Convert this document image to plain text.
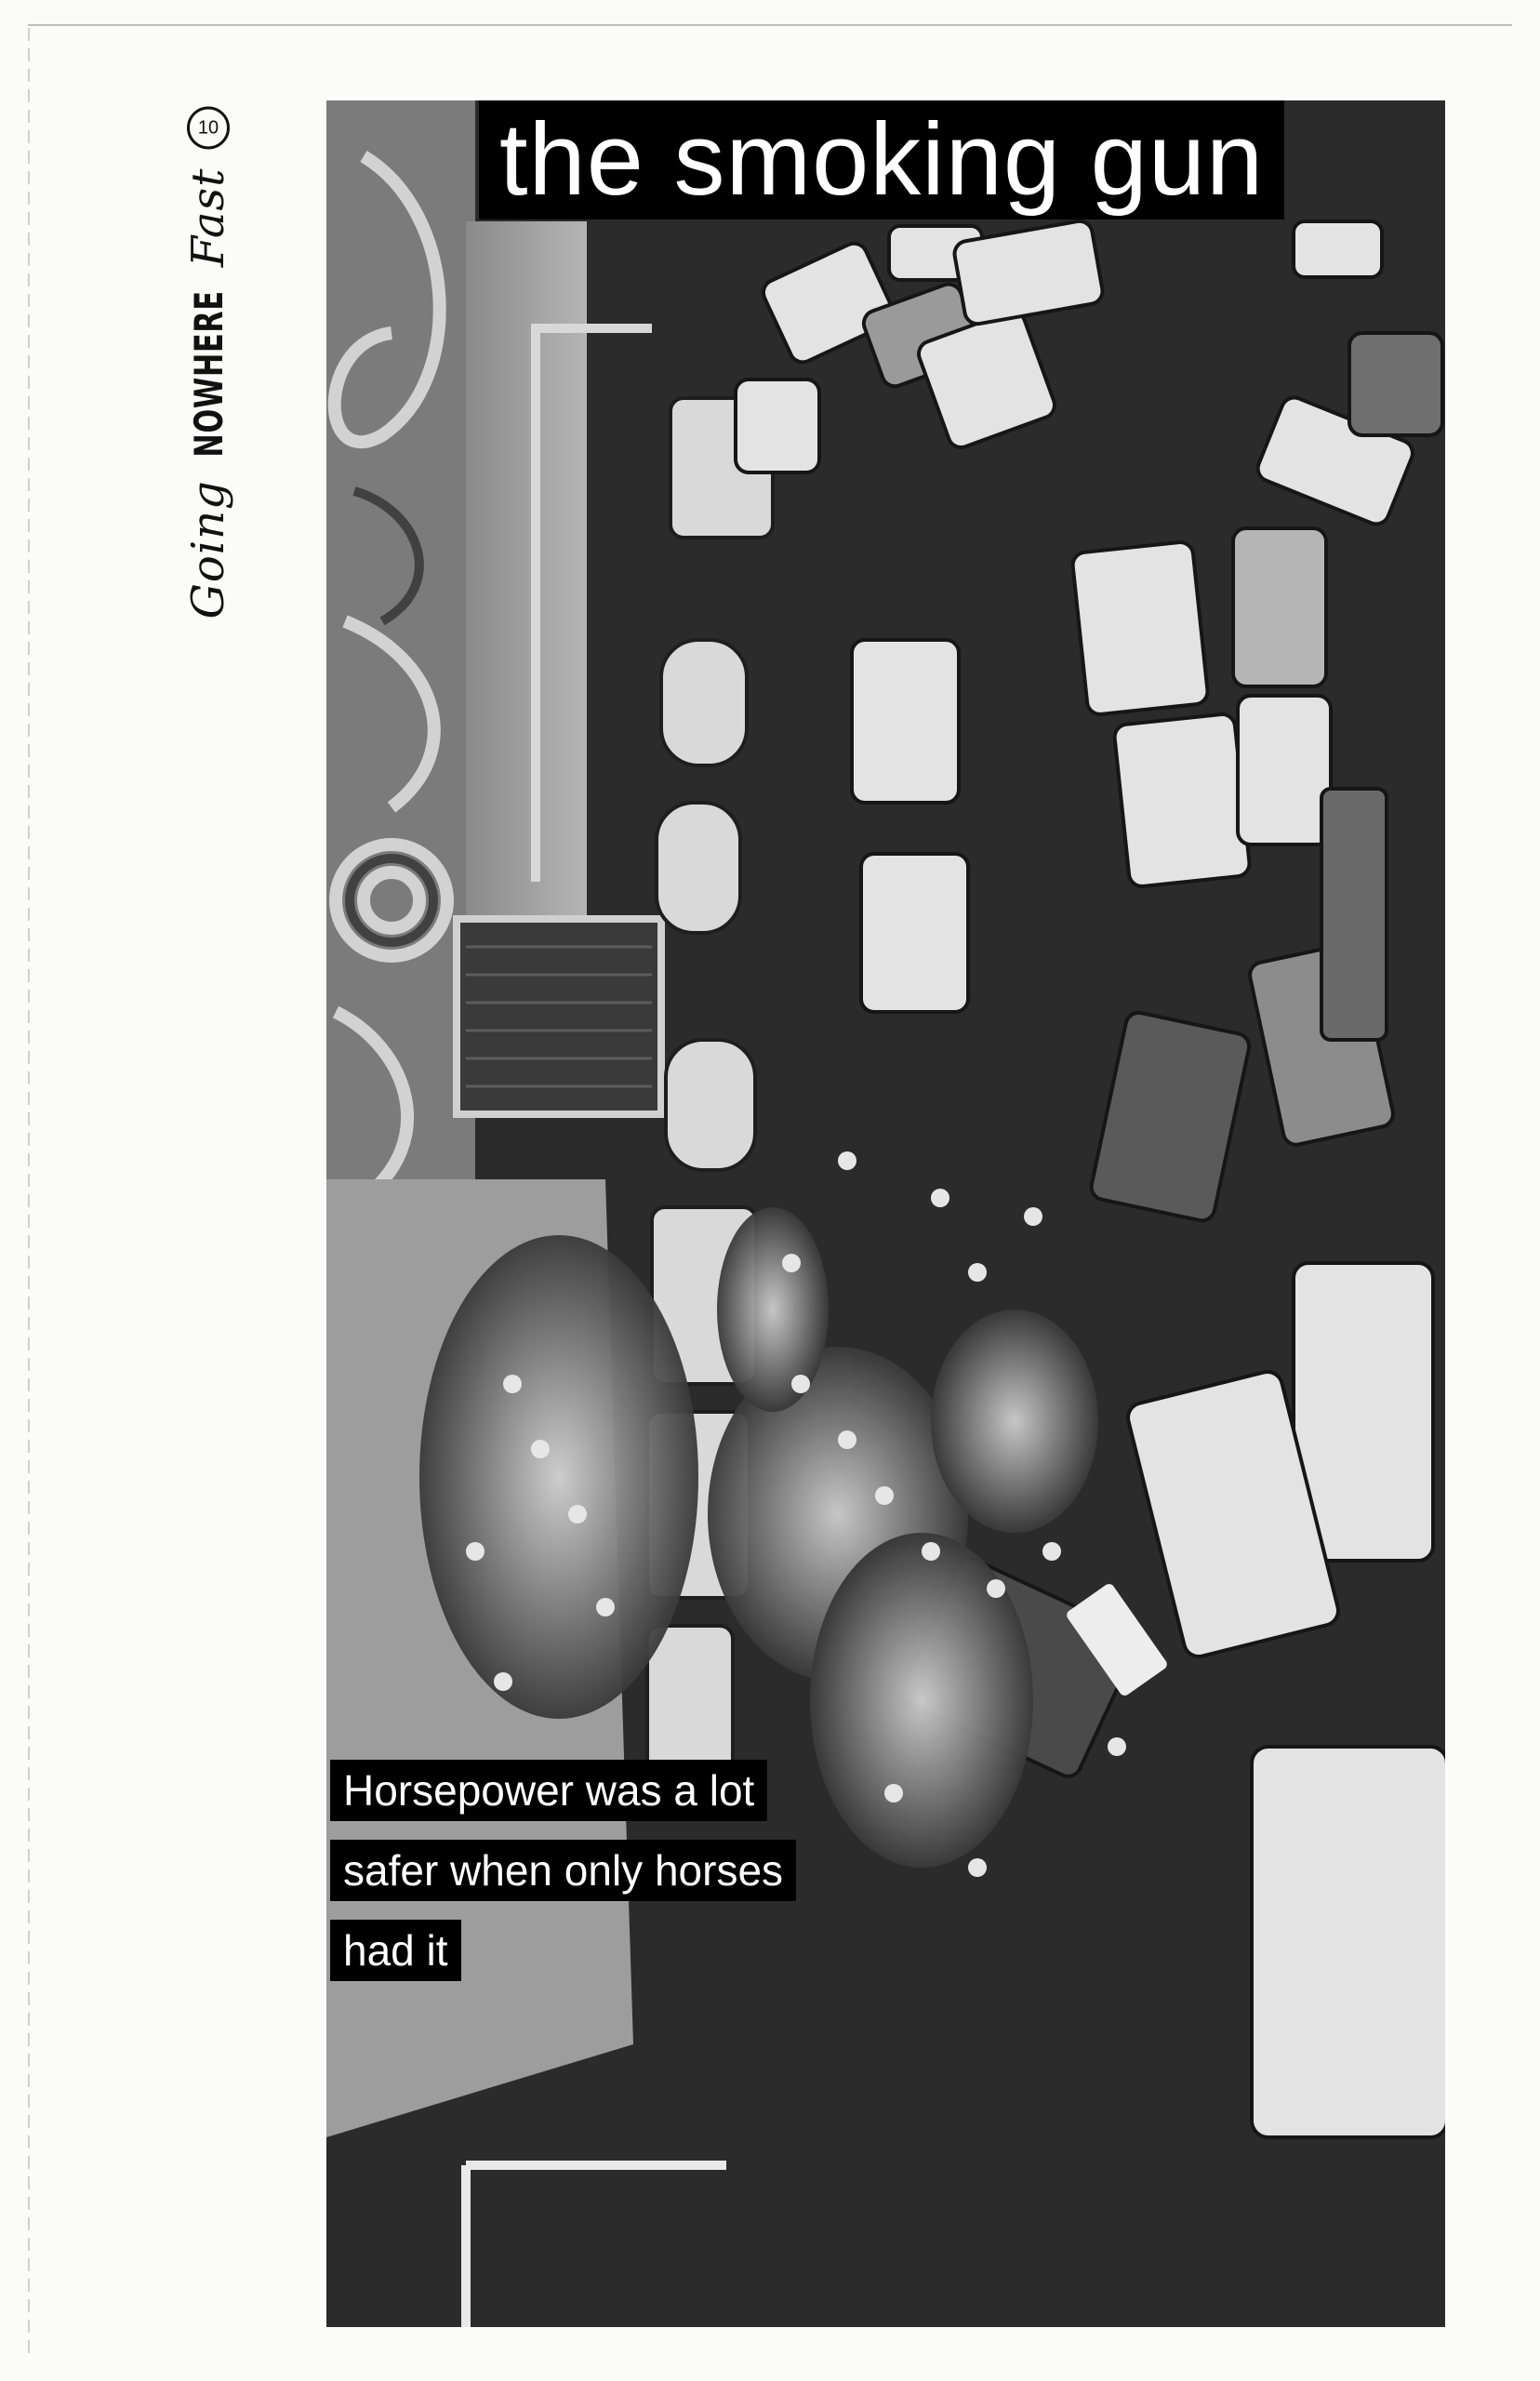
Going
NOWHERE
Fast
10	the smoking gun
Horsepower was a lot
safer when only horses
had it
